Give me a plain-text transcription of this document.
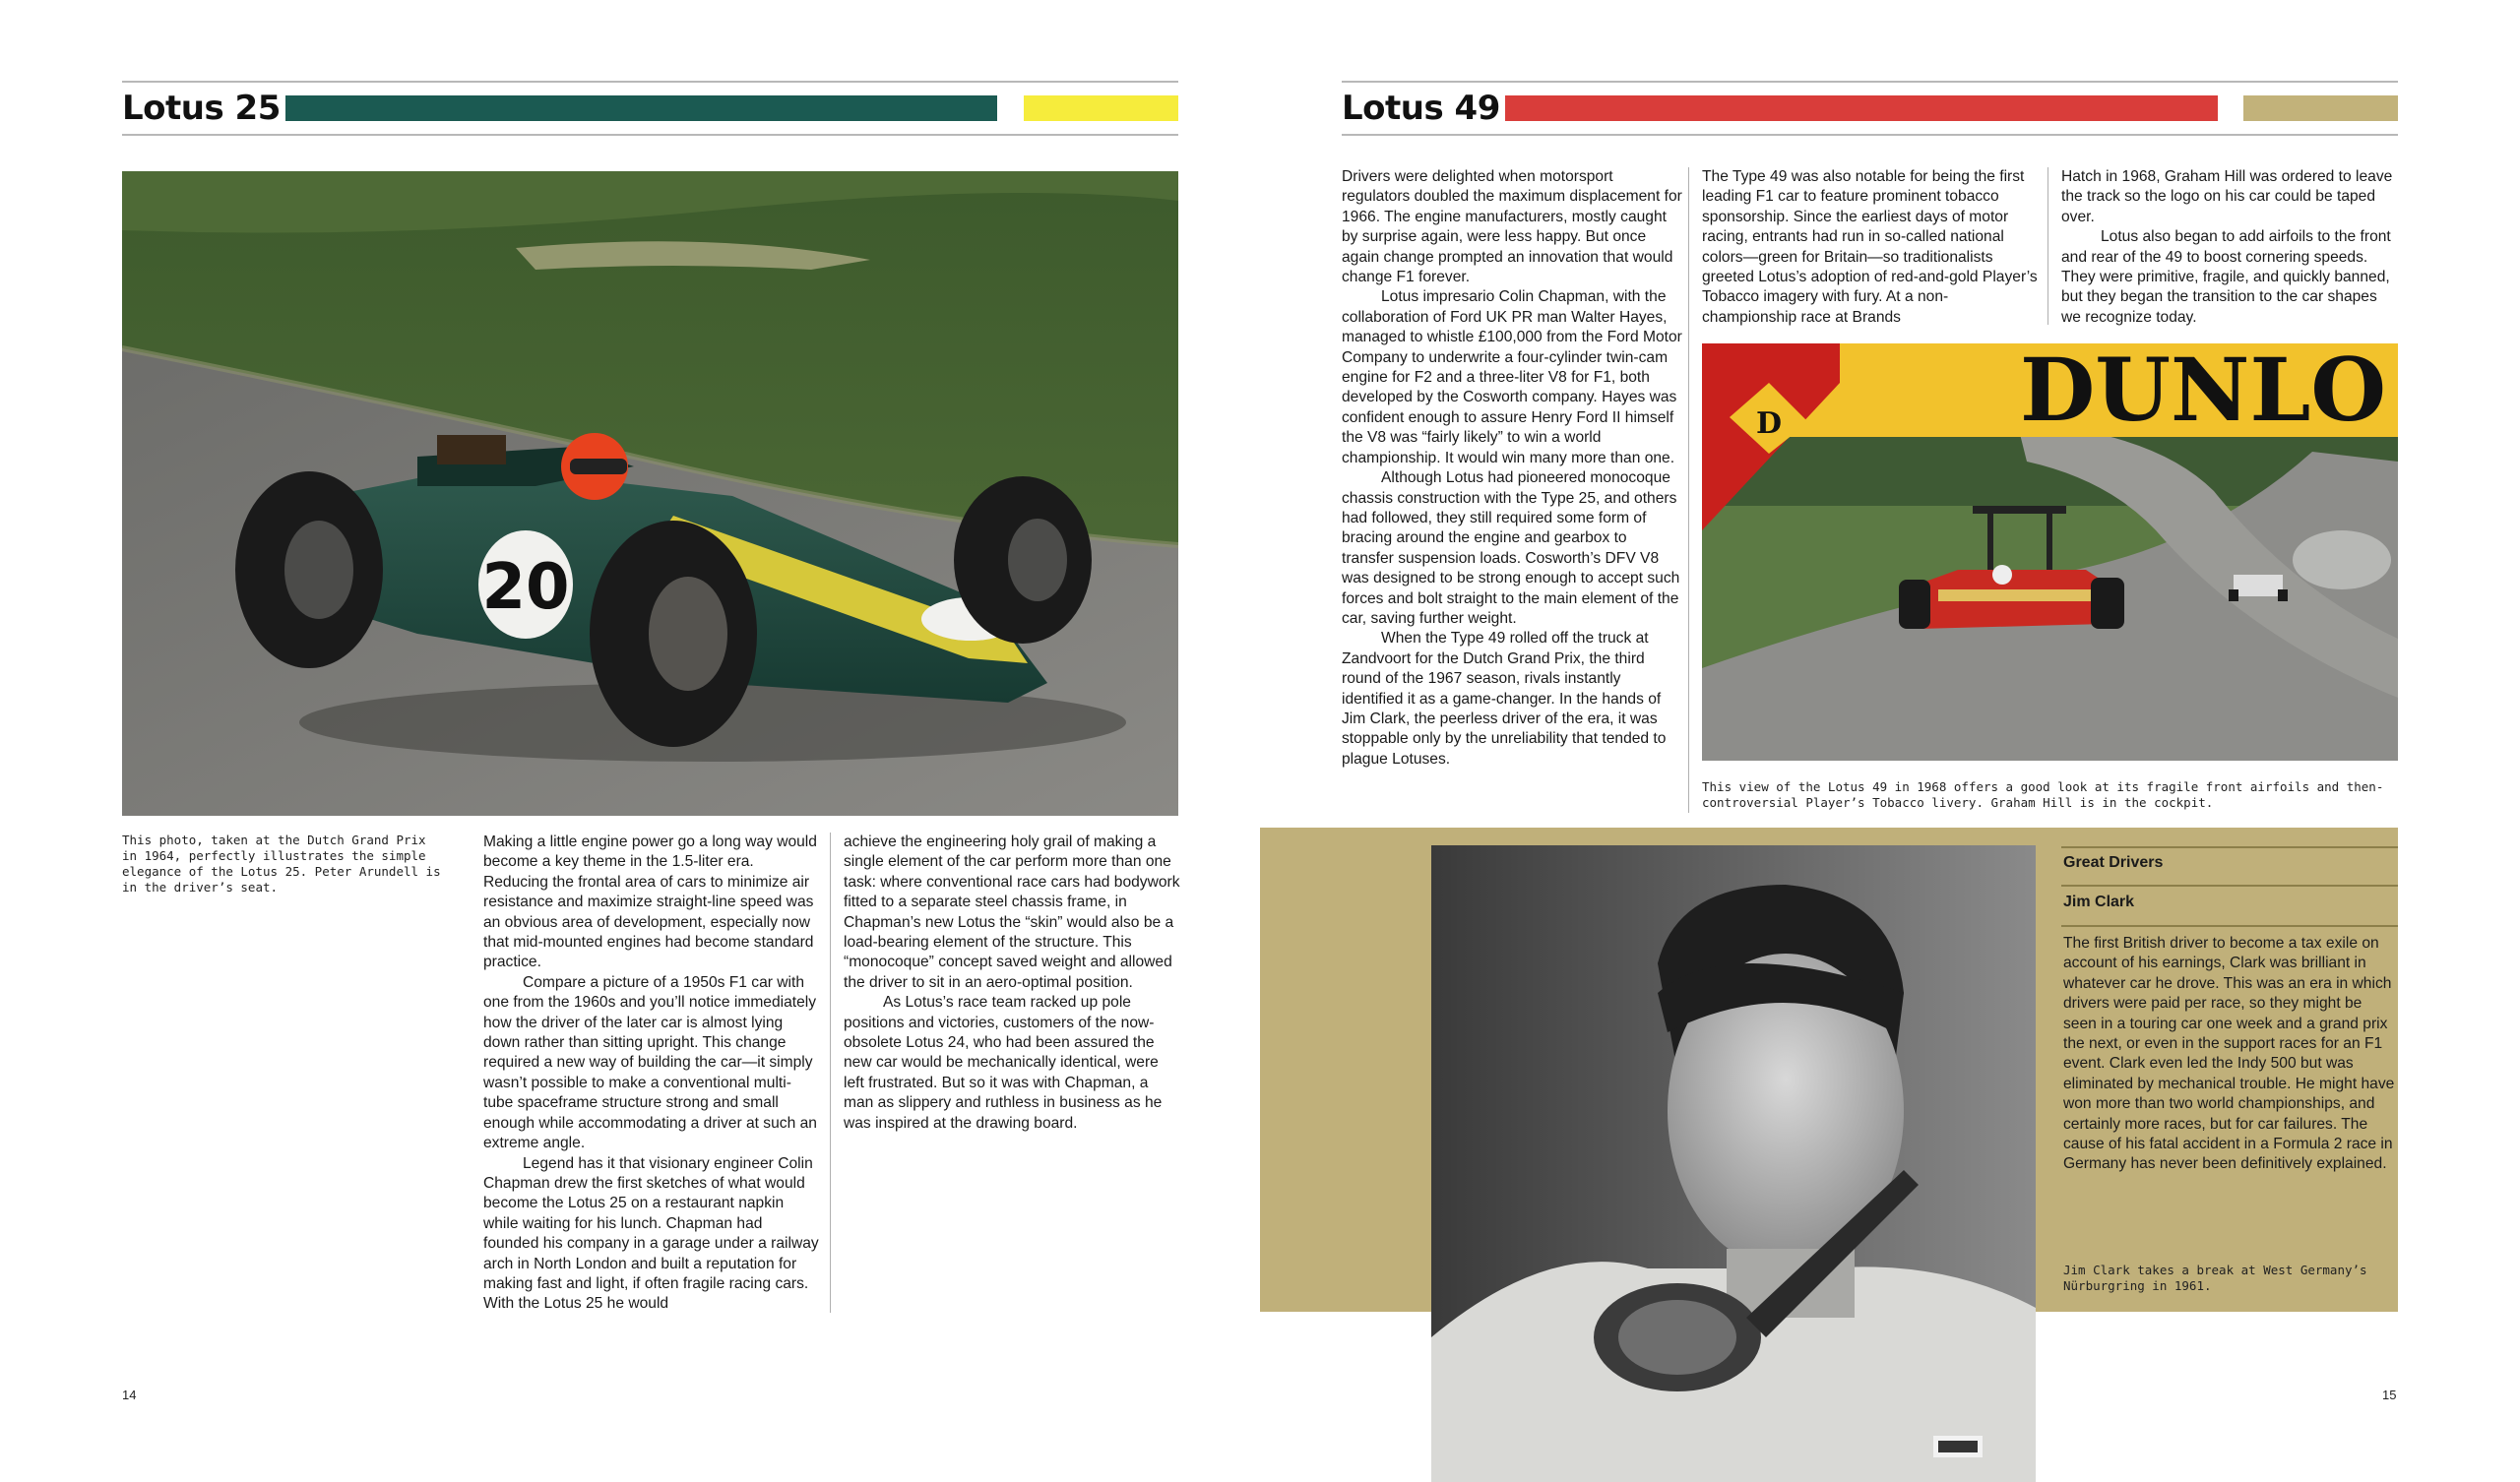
Lotus 25
20
This photo, taken at the Dutch Grand Prix in 1964, perfectly illustrates the simple elegance of the Lotus 25. Peter Arundell is in the driver’s seat.

Making a little engine power go a long way would become a key theme in the 1.5-liter era. Reducing the frontal area of cars to minimize air resistance and maximize straight-line speed was an obvious area of development, especially now that mid-mounted engines had become standard practice.

Compare a picture of a 1950s F1 car with one from the 1960s and you’ll notice immediately how the driver of the later car is almost lying down rather than sitting upright. This change required a new way of building the car—it simply wasn’t possible to make a conventional multi-tube spaceframe structure strong and small enough while accommodating a driver at such an extreme angle.

Legend has it that visionary engineer Colin Chapman drew the first sketches of what would become the Lotus 25 on a restaurant napkin while waiting for his lunch. Chapman had founded his company in a garage under a railway arch in North London and built a reputation for making fast and light, if often fragile racing cars. With the Lotus 25 he would

achieve the engineering holy grail of making a single element of the car perform more than one task: where conventional race cars had bodywork fitted to a separate steel chassis frame, in Chapman’s new Lotus the “skin” would also be a load-bearing element of the structure. This “monocoque” concept saved weight and allowed the driver to sit in an aero-optimal position.

As Lotus’s race team racked up pole positions and victories, customers of the now-obsolete Lotus 24, who had been assured the new car would be mechanically identical, were left frustrated. But so it was with Chapman, a man as slippery and ruthless in business as he was inspired at the drawing board.

14
Lotus 49

Drivers were delighted when motorsport regulators doubled the maximum displacement for 1966. The engine manufacturers, mostly caught by surprise again, were less happy. But once again change prompted an innovation that would change F1 forever.

Lotus impresario Colin Chapman, with the collaboration of Ford UK PR man Walter Hayes, managed to whistle £100,000 from the Ford Motor Company to underwrite a four-cylinder twin-cam engine for F2 and a three-liter V8 for F1, both developed by the Cosworth company. Hayes was confident enough to assure Henry Ford II himself the V8 was “fairly likely” to win a world championship. It would win many more than one.

Although Lotus had pioneered monocoque chassis construction with the Type 25, and others had followed, they still required some form of bracing around the engine and gearbox to transfer suspension loads. Cosworth’s DFV V8 was designed to be strong enough to accept such forces and bolt straight to the main element of the car, saving further weight.

When the Type 49 rolled off the truck at Zandvoort for the Dutch Grand Prix, the third round of the 1967 season, rivals instantly identified it as a game-changer. In the hands of Jim Clark, the peerless driver of the era, it was stoppable only by the unreliability that tended to plague Lotuses.

The Type 49 was also notable for being the first leading F1 car to feature prominent tobacco sponsorship. Since the earliest days of motor racing, entrants had run in so-called national colors—green for Britain—so traditionalists greeted Lotus’s adoption of red-and-gold Player’s Tobacco imagery with fury. At a non-championship race at Brands

Hatch in 1968, Graham Hill was ordered to leave the track so the logo on his car could be taped over.

Lotus also began to add airfoils to the front and rear of the 49 to boost cornering speeds. They were primitive, fragile, and quickly banned, but they began the transition to the car shapes we recognize today.

DUNLO
D
This view of the Lotus 49 in 1968 offers a good look at its fragile front airfoils and then-controversial Player’s Tobacco livery. Graham Hill is in the cockpit.
Great Drivers
Jim Clark

The first British driver to become a tax exile on account of his earnings, Clark was brilliant in whatever car he drove. This was an era in which drivers were paid per race, so they might be seen in a touring car one week and a grand prix the next, or even in the support races for an F1 event. Clark even led the Indy 500 but was eliminated by mechanical trouble. He might have won more than two world championships, and certainly more races, but for car failures. The cause of his fatal accident in a Formula 2 race in Germany has never been definitively explained.

Jim Clark takes a break at West Germany’s Nürburgring in 1961.
15
